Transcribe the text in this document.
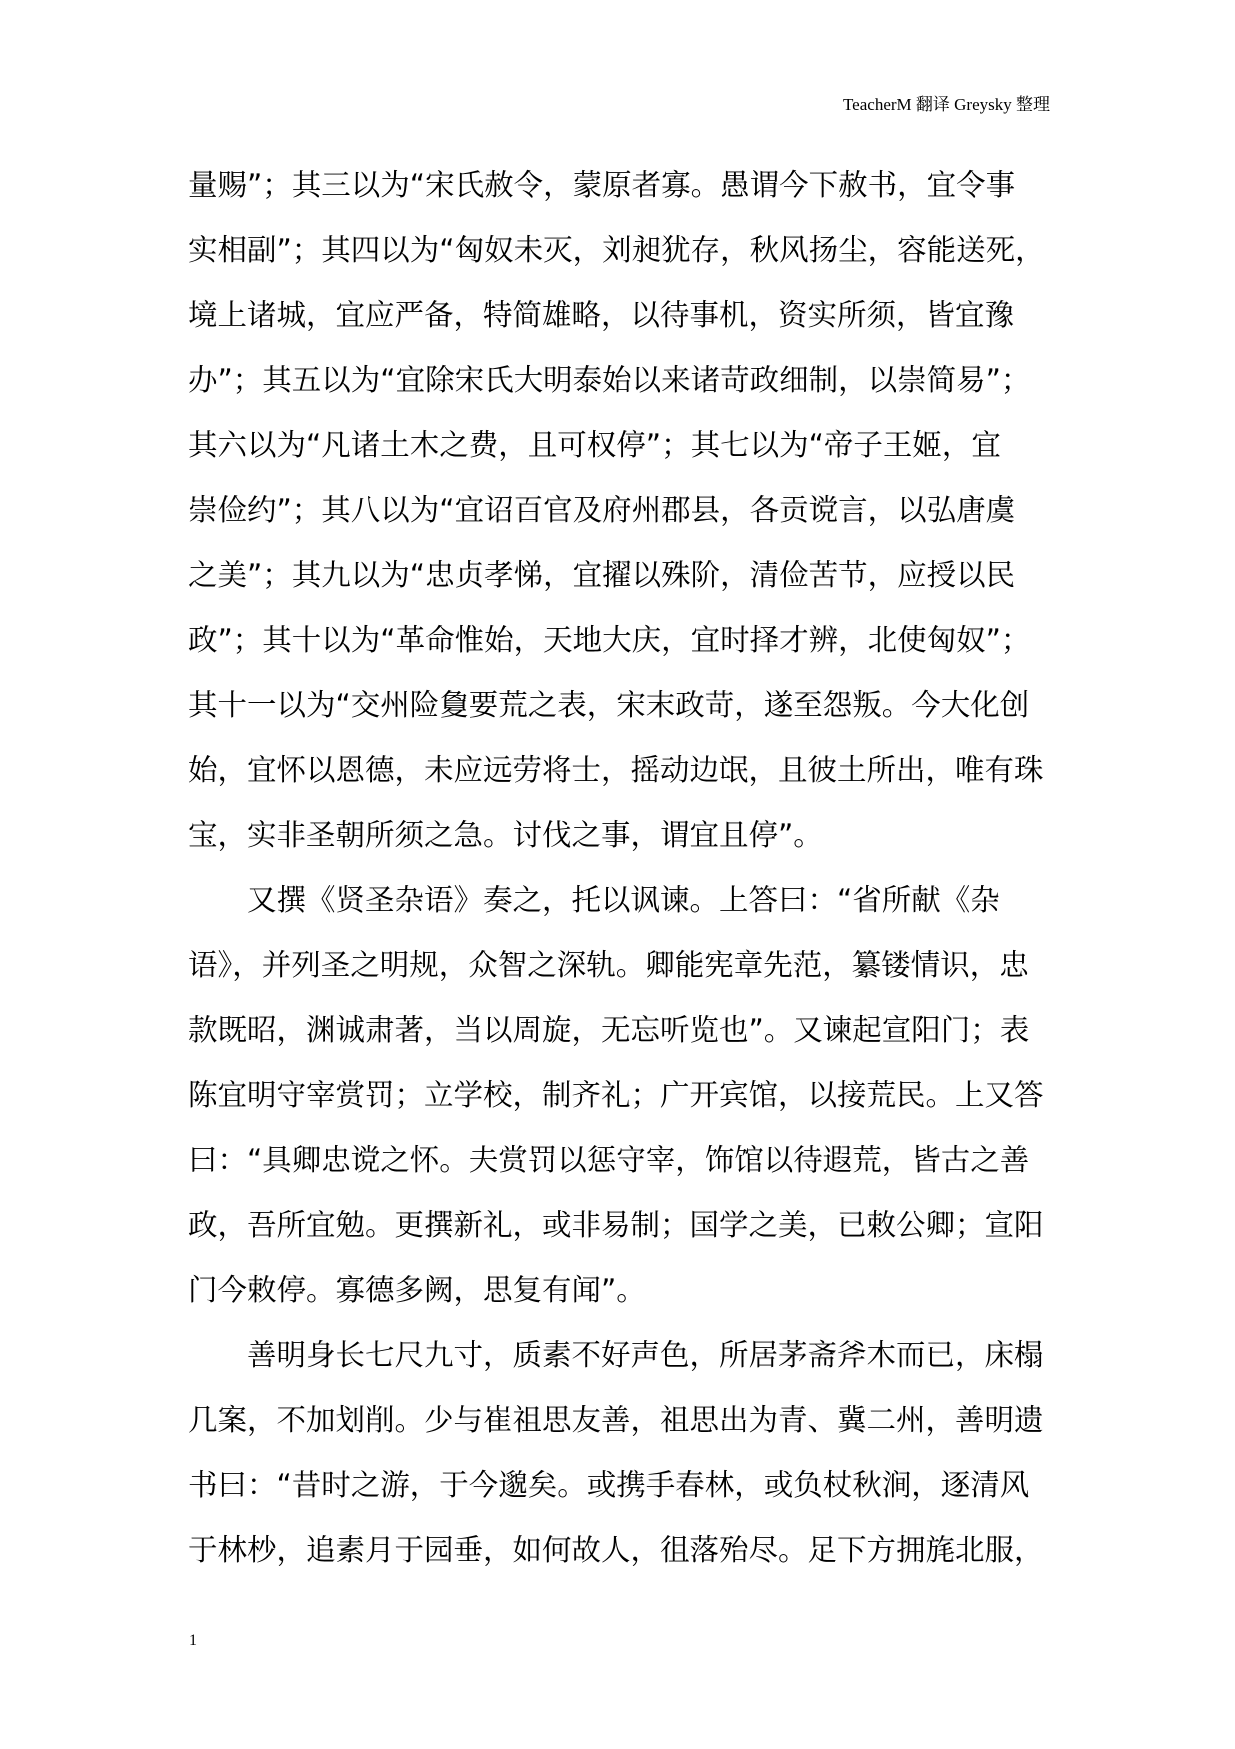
TeacherM 翻译 Greysky 整理
量赐”；其三以为“宋氏赦令，蒙原者寡。愚谓今下赦书，宜令事
实相副”；其四以为“匈奴未灭，刘昶犹存，秋风扬尘，容能送死，
境上诸城，宜应严备，特简雄略，以待事机，资实所须，皆宜豫
办”；其五以为“宜除宋氏大明泰始以来诸苛政细制，以崇简易”；
其六以为“凡诸土木之费，且可权停”；其七以为“帝子王姬，宜
崇俭约”；其八以为“宜诏百官及府州郡县，各贡谠言，以弘唐虞
之美”；其九以为“忠贞孝悌，宜擢以殊阶，清俭苦节，应授以民
政”；其十以为“革命惟始，天地大庆，宜时择才辨，北使匈奴”；
其十一以为“交州险敻要荒之表，宋末政苛，遂至怨叛。今大化创
始，宜怀以恩德，未应远劳将士，摇动边氓，且彼土所出，唯有珠
宝，实非圣朝所须之急。讨伐之事，谓宜且停”。
又撰《贤圣杂语》奏之，托以讽谏。上答曰：“省所献《杂
语》，并列圣之明规，众智之深轨。卿能宪章先范，纂镂情识，忠
款既昭，渊诚肃著，当以周旋，无忘听览也”。又谏起宣阳门；表
陈宜明守宰赏罚；立学校，制齐礼；广开宾馆，以接荒民。上又答
曰：“具卿忠谠之怀。夫赏罚以惩守宰，饰馆以待遐荒，皆古之善
政，吾所宜勉。更撰新礼，或非易制；国学之美，已敕公卿；宣阳
门今敕停。寡德多阙，思复有闻”。
善明身长七尺九寸，质素不好声色，所居茅斋斧木而已，床榻
几案，不加划削。少与崔祖思友善，祖思出为青、冀二州，善明遗
书曰：“昔时之游，于今邈矣。或携手春林，或负杖秋涧，逐清风
于林杪，追素月于园垂，如何故人，徂落殆尽。足下方拥旄北服，
1
